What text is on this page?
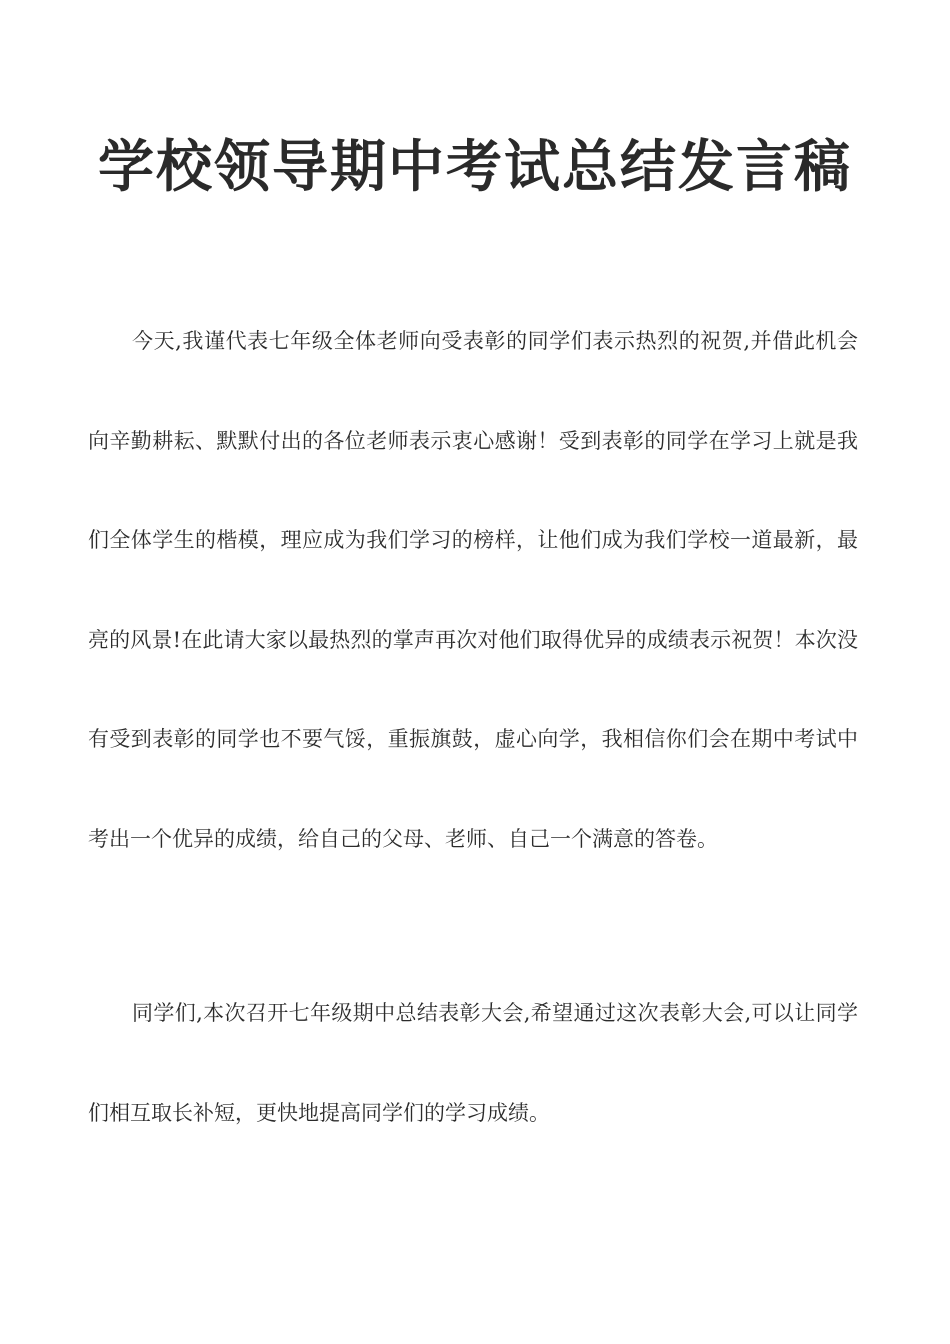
学校领导期中考试总结发言稿

今天,我谨代表七年级全体老师向受表彰的同学们表示热烈的祝贺,并借此机会向辛勤耕耘、默默付出的各位老师表示衷心感谢！受到表彰的同学在学习上就是我们全体学生的楷模，理应成为我们学习的榜样，让他们成为我们学校一道最新，最亮的风景!在此请大家以最热烈的掌声再次对他们取得优异的成绩表示祝贺！本次没有受到表彰的同学也不要气馁，重振旗鼓，虚心向学，我相信你们会在期中考试中考出一个优异的成绩，给自己的父母、老师、自己一个满意的答卷。

同学们,本次召开七年级期中总结表彰大会,希望通过这次表彰大会,可以让同学们相互取长补短，更快地提高同学们的学习成绩。
